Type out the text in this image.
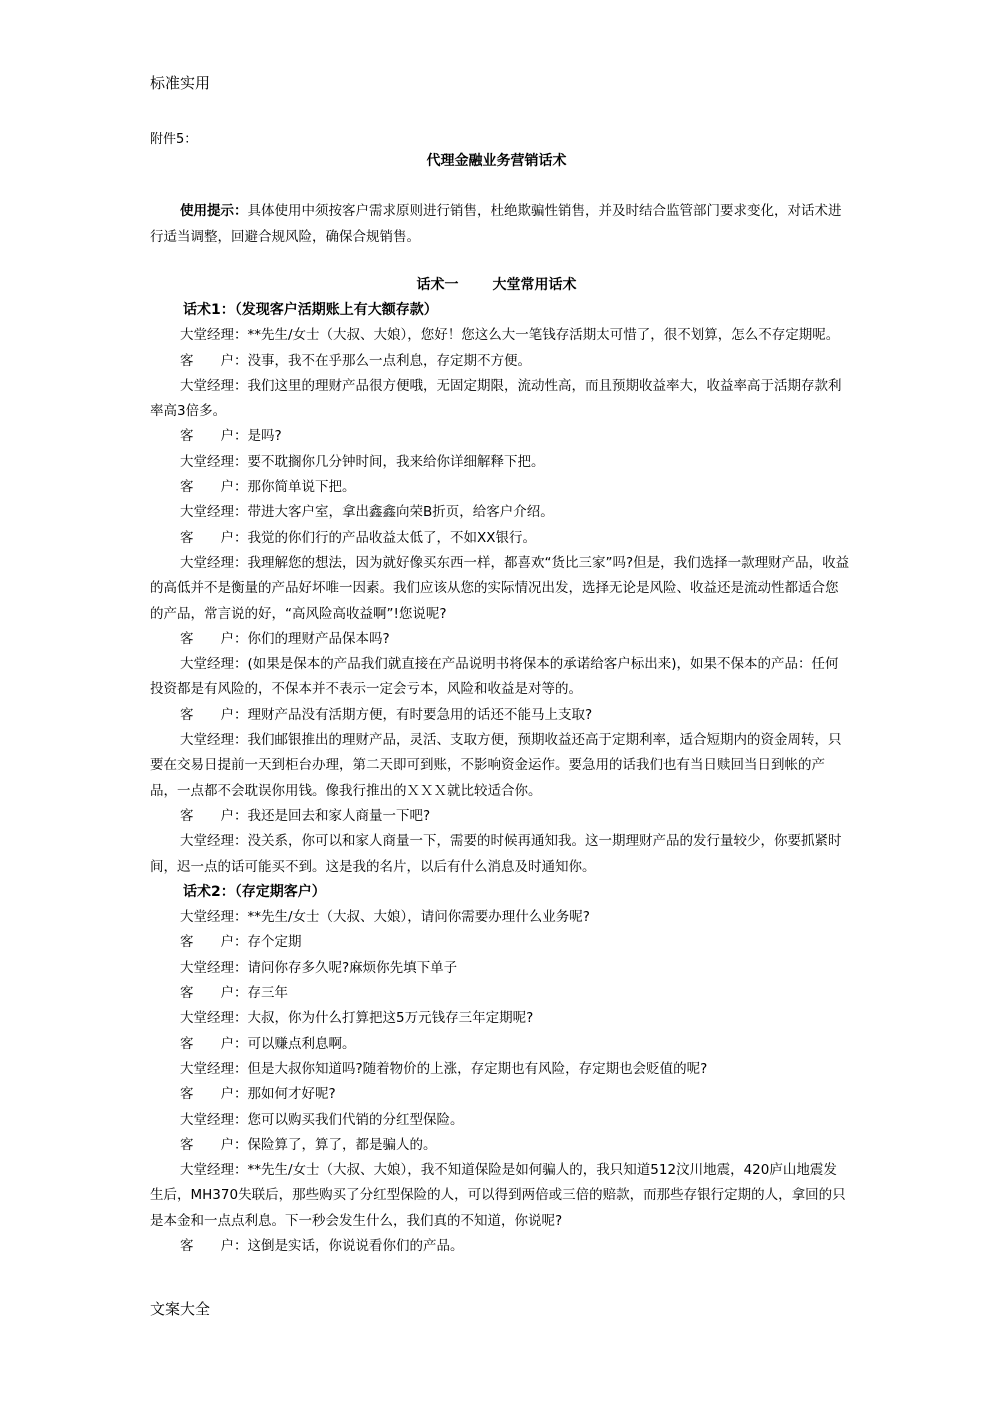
标准实用
附件5：
代理金融业务营销话术
使用提示：具体使用中须按客户需求原则进行销售，杜绝欺骗性销售，并及时结合监管部门要求变化，对话术进行适当调整，回避合规风险，确保合规销售。
话术一 大堂常用话术

话术1：（发现客户活期账上有大额存款）

大堂经理：**先生/女士（大叔、大娘），您好！您这么大一笔钱存活期太可惜了，很不划算，怎么不存定期呢。

客　　户：没事，我不在乎那么一点利息，存定期不方便。

大堂经理：我们这里的理财产品很方便哦，无固定期限，流动性高，而且预期收益率大，收益率高于活期存款利率高3倍多。

客　　户：是吗?

大堂经理：要不耽搁你几分钟时间，我来给你详细解释下把。

客　　户：那你简单说下把。

大堂经理：带进大客户室，拿出鑫鑫向荣B折页，给客户介绍。

客　　户：我觉的你们行的产品收益太低了，不如XX银行。

大堂经理：我理解您的想法，因为就好像买东西一样，都喜欢“货比三家”吗?但是，我们选择一款理财产品，收益的高低并不是衡量的产品好坏唯一因素。我们应该从您的实际情况出发，选择无论是风险、收益还是流动性都适合您的产品，常言说的好，“高风险高收益啊”!您说呢?

客　　户：你们的理财产品保本吗?

大堂经理：(如果是保本的产品我们就直接在产品说明书将保本的承诺给客户标出来)，如果不保本的产品：任何投资都是有风险的，不保本并不表示一定会亏本，风险和收益是对等的。

客　　户：理财产品没有活期方便，有时要急用的话还不能马上支取?

大堂经理：我们邮银推出的理财产品，灵活、支取方便，预期收益还高于定期利率，适合短期内的资金周转，只要在交易日提前一天到柜台办理，第二天即可到账，不影响资金运作。要急用的话我们也有当日赎回当日到帐的产品，一点都不会耽误你用钱。像我行推出的ＸＸＸ就比较适合你。

客　　户：我还是回去和家人商量一下吧?

大堂经理：没关系，你可以和家人商量一下，需要的时候再通知我。这一期理财产品的发行量较少，你要抓紧时间，迟一点的话可能买不到。这是我的名片，以后有什么消息及时通知你。

话术2：（存定期客户）

大堂经理：**先生/女士（大叔、大娘），请问你需要办理什么业务呢?

客　　户：存个定期

大堂经理：请问你存多久呢?麻烦你先填下单子

客　　户：存三年

大堂经理：大叔，你为什么打算把这5万元钱存三年定期呢?

客　　户：可以赚点利息啊。

大堂经理：但是大叔你知道吗?随着物价的上涨，存定期也有风险，存定期也会贬值的呢?

客　　户：那如何才好呢?

大堂经理：您可以购买我们代销的分红型保险。

客　　户：保险算了，算了，都是骗人的。

大堂经理：**先生/女士（大叔、大娘），我不知道保险是如何骗人的，我只知道512汶川地震，420庐山地震发生后，MH370失联后，那些购买了分红型保险的人，可以得到两倍或三倍的赔款，而那些存银行定期的人，拿回的只是本金和一点点利息。下一秒会发生什么，我们真的不知道，你说呢?

客　　户：这倒是实话，你说说看你们的产品。

文案大全
